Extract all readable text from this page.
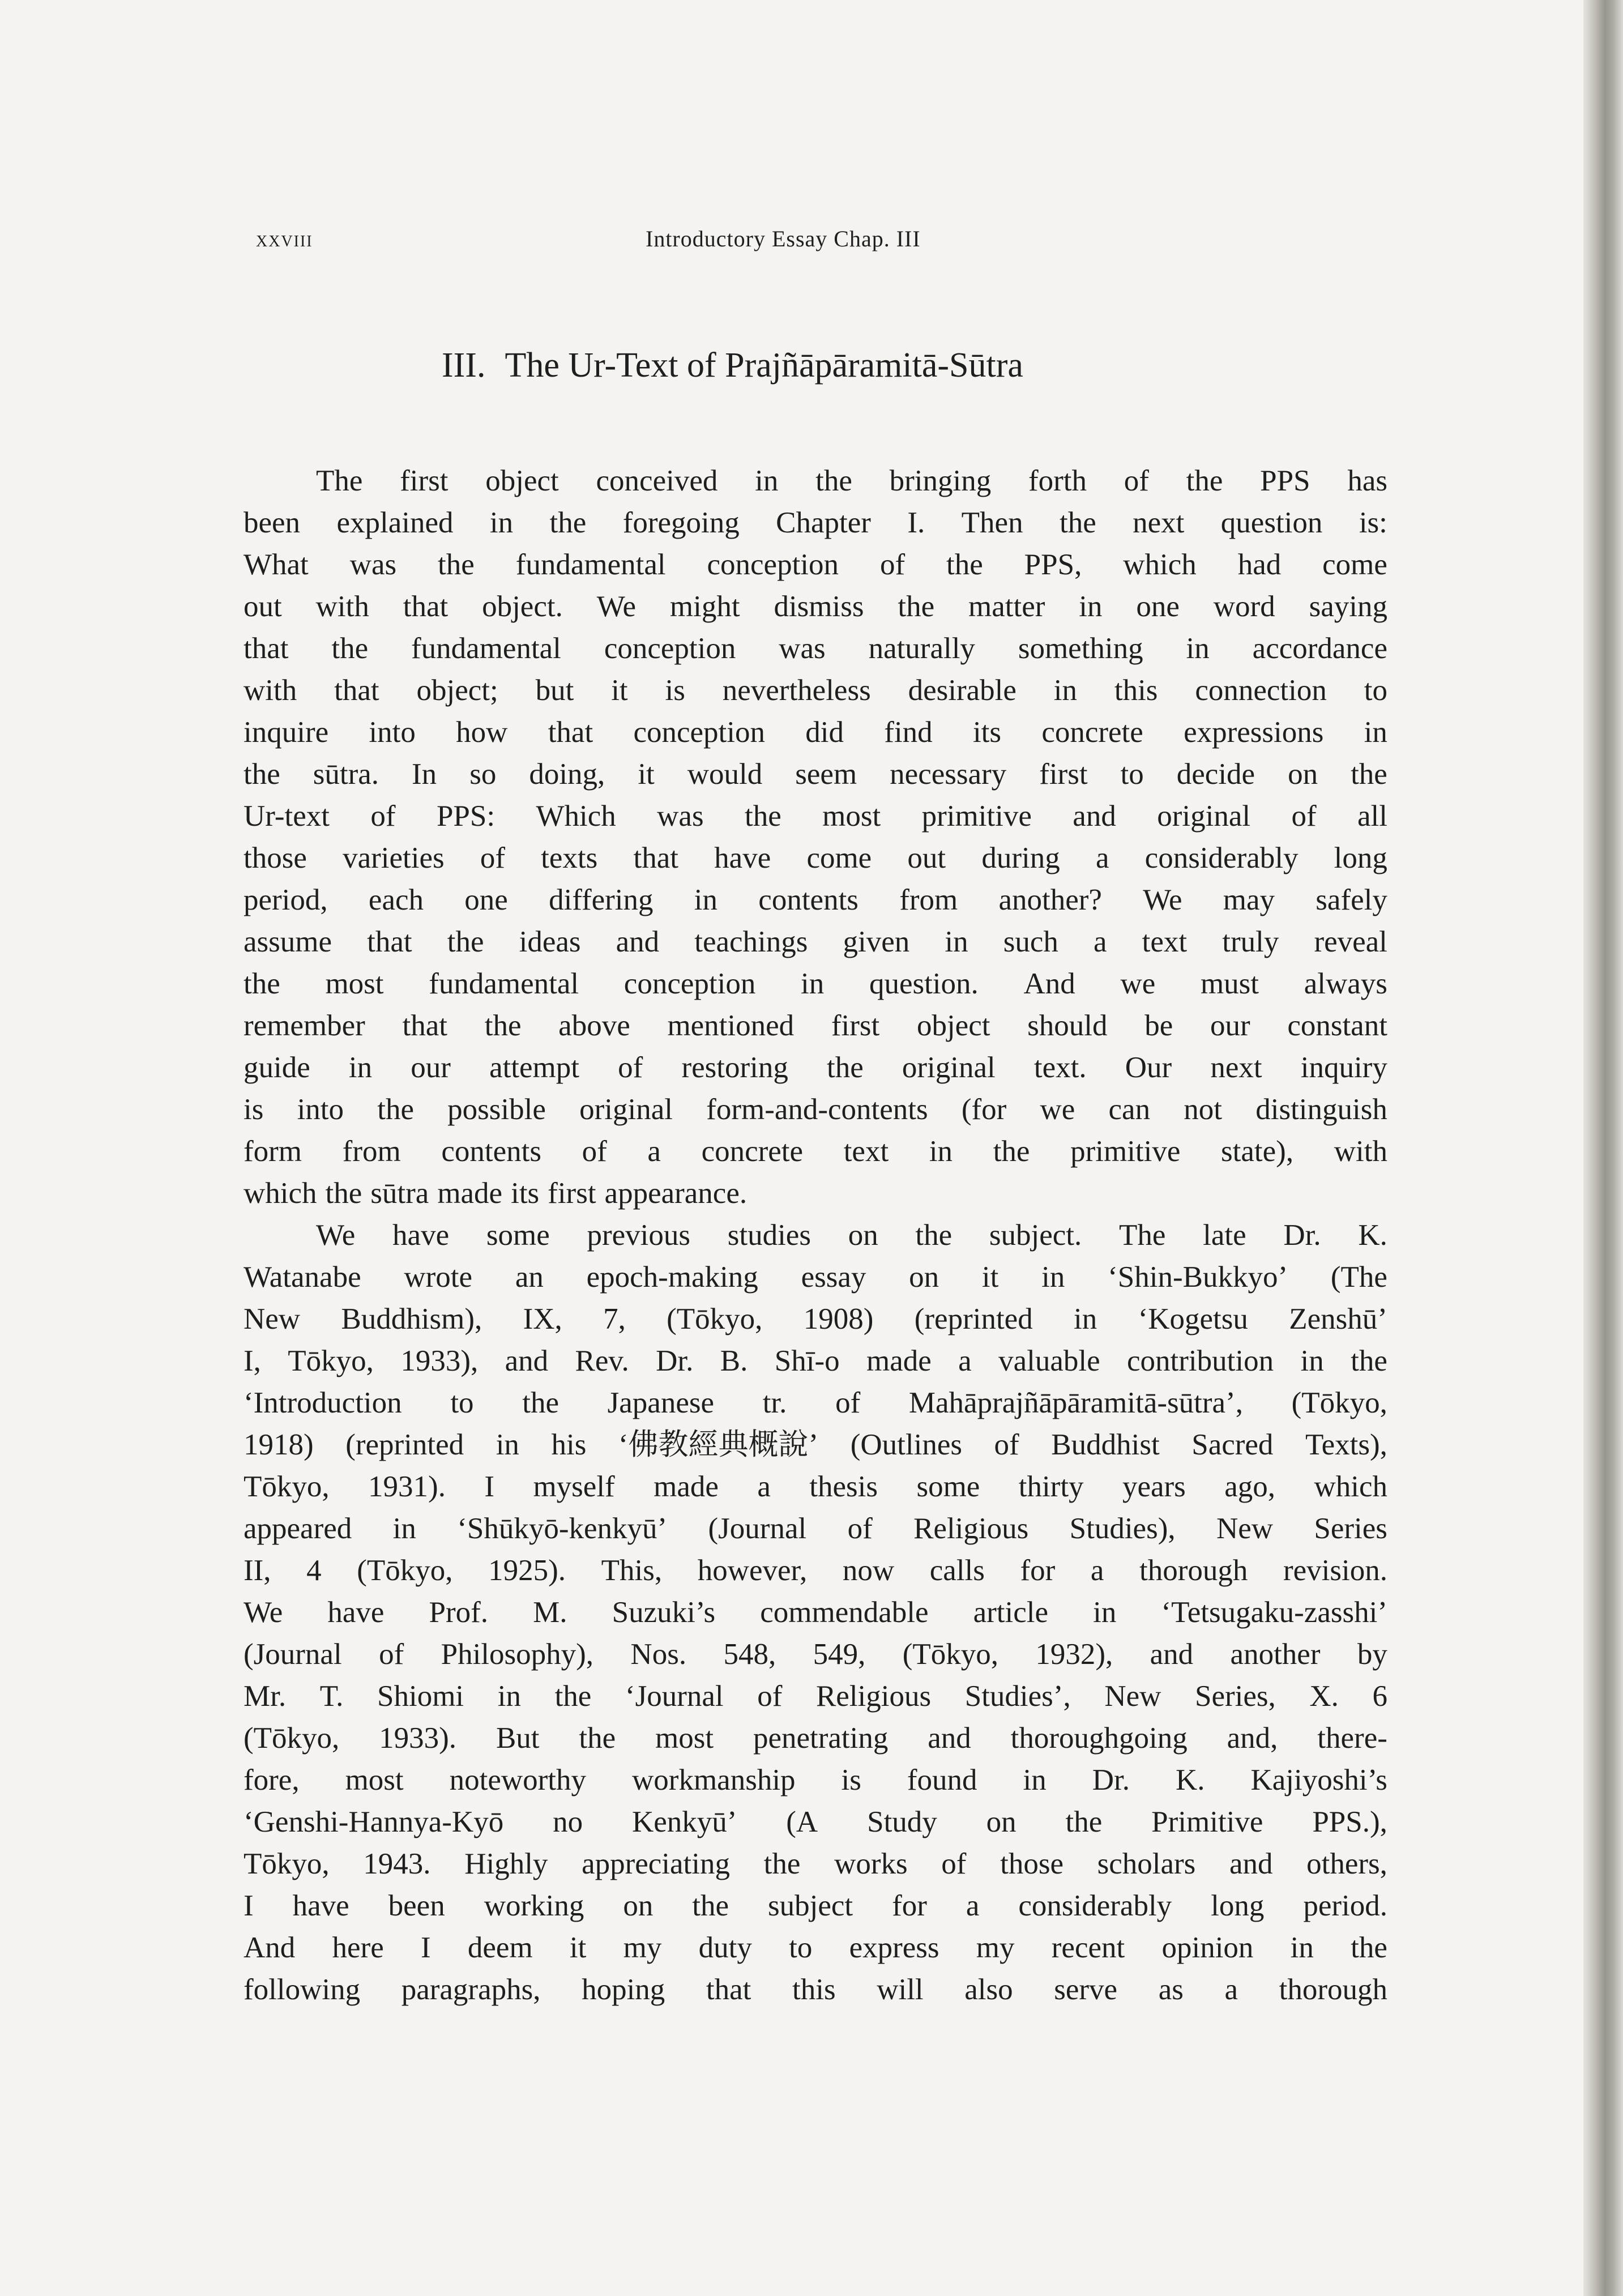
xxviii	Introductory Essay Chap. III
III. The Ur-Text of Prajñāpāramitā-Sūtra
The first object conceived in the bringing forth of the PPS has
been explained in the foregoing Chapter I. Then the next question is:
What was the fundamental conception of the PPS, which had come
out with that object. We might dismiss the matter in one word saying
that the fundamental conception was naturally something in accordance
with that object; but it is nevertheless desirable in this connection to
inquire into how that conception did find its concrete expressions in
the sūtra. In so doing, it would seem necessary first to decide on the
Ur-text of PPS: Which was the most primitive and original of all
those varieties of texts that have come out during a considerably long
period, each one differing in contents from another? We may safely
assume that the ideas and teachings given in such a text truly reveal
the most fundamental conception in question. And we must always
remember that the above mentioned first object should be our constant
guide in our attempt of restoring the original text. Our next inquiry
is into the possible original form-and-contents (for we can not distinguish
form from contents of a concrete text in the primitive state), with
which the sūtra made its first appearance.
We have some previous studies on the subject. The late Dr. K.
Watanabe wrote an epoch-making essay on it in ‘Shin-Bukkyo’ (The
New Buddhism), IX, 7, (Tōkyo, 1908) (reprinted in ‘Kogetsu Zenshū’
I, Tōkyo, 1933), and Rev. Dr. B. Shī-o made a valuable contribution in the
‘Introduction to the Japanese tr. of Mahāprajñāpāramitā-sūtra’, (Tōkyo,
1918) (reprinted in his ‘佛教經典概說’ (Outlines of Buddhist Sacred Texts),
Tōkyo, 1931). I myself made a thesis some thirty years ago, which
appeared in ‘Shūkyō-kenkyū’ (Journal of Religious Studies), New Series
II, 4 (Tōkyo, 1925). This, however, now calls for a thorough revision.
We have Prof. M. Suzuki’s commendable article in ‘Tetsugaku-zasshi’
(Journal of Philosophy), Nos. 548, 549, (Tōkyo, 1932), and another by
Mr. T. Shiomi in the ‘Journal of Religious Studies’, New Series, X. 6
(Tōkyo, 1933). But the most penetrating and thoroughgoing and, there-
fore, most noteworthy workmanship is found in Dr. K. Kajiyoshi’s
‘Genshi-Hannya-Kyō no Kenkyū’ (A Study on the Primitive PPS.),
Tōkyo, 1943. Highly appreciating the works of those scholars and others,
I have been working on the subject for a considerably long period.
And here I deem it my duty to express my recent opinion in the
following paragraphs, hoping that this will also serve as a thorough
